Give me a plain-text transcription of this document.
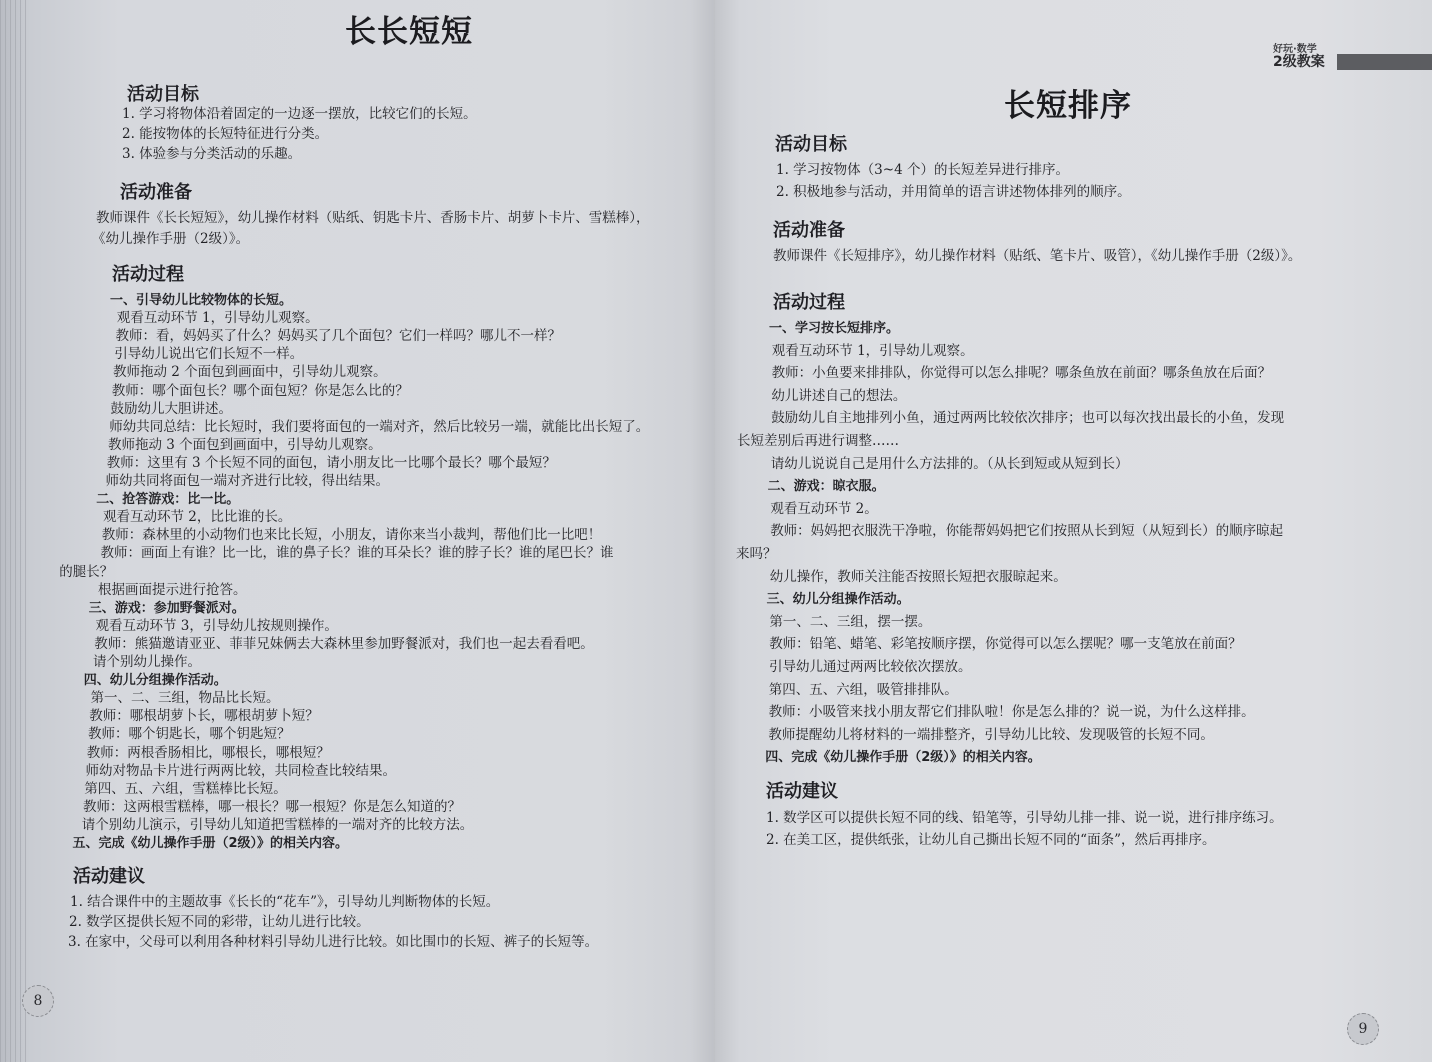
长长短短
活动目标
1. 学习将物体沿着固定的一边逐一摆放，比较它们的长短。
2. 能按物体的长短特征进行分类。
3. 体验参与分类活动的乐趣。
活动准备
教师课件《长长短短》，幼儿操作材料（贴纸、钥匙卡片、香肠卡片、胡萝卜卡片、雪糕棒），
《幼儿操作手册（2级）》。
活动过程
一、引导幼儿比较物体的长短。
观看互动环节 1，引导幼儿观察。
教师：看，妈妈买了什么？妈妈买了几个面包？它们一样吗？哪儿不一样？
引导幼儿说出它们长短不一样。
教师拖动 2 个面包到画面中，引导幼儿观察。
教师：哪个面包长？哪个面包短？你是怎么比的？
鼓励幼儿大胆讲述。
师幼共同总结：比长短时，我们要将面包的一端对齐，然后比较另一端，就能比出长短了。
教师拖动 3 个面包到画面中，引导幼儿观察。
教师：这里有 3 个长短不同的面包，请小朋友比一比哪个最长？哪个最短？
师幼共同将面包一端对齐进行比较，得出结果。
二、抢答游戏：比一比。
观看互动环节 2，比比谁的长。
教师：森林里的小动物们也来比长短，小朋友，请你来当小裁判，帮他们比一比吧！
教师：画面上有谁？比一比，谁的鼻子长？谁的耳朵长？谁的脖子长？谁的尾巴长？谁
的腿长？
根据画面提示进行抢答。
三、游戏：参加野餐派对。
观看互动环节 3，引导幼儿按规则操作。
教师：熊猫邀请亚亚、菲菲兄妹俩去大森林里参加野餐派对，我们也一起去看看吧。
请个别幼儿操作。
四、幼儿分组操作活动。
第一、二、三组，物品比长短。
教师：哪根胡萝卜长，哪根胡萝卜短？
教师：哪个钥匙长，哪个钥匙短？
教师：两根香肠相比，哪根长，哪根短？
师幼对物品卡片进行两两比较，共同检查比较结果。
第四、五、六组，雪糕棒比长短。
教师：这两根雪糕棒，哪一根长？哪一根短？你是怎么知道的？
请个别幼儿演示，引导幼儿知道把雪糕棒的一端对齐的比较方法。
五、完成《幼儿操作手册（2级）》的相关内容。
活动建议
1. 结合课件中的主题故事《长长的“花车”》，引导幼儿判断物体的长短。
2. 数学区提供长短不同的彩带，让幼儿进行比较。
3. 在家中，父母可以利用各种材料引导幼儿进行比较。如比围巾的长短、裤子的长短等。
8
好玩·数学
2级教案
长短排序
活动目标
1. 学习按物体（3~4 个）的长短差异进行排序。
2. 积极地参与活动，并用简单的语言讲述物体排列的顺序。
活动准备
教师课件《长短排序》，幼儿操作材料（贴纸、笔卡片、吸管），《幼儿操作手册（2级）》。
活动过程
一、学习按长短排序。
观看互动环节 1，引导幼儿观察。
教师：小鱼要来排排队，你觉得可以怎么排呢？哪条鱼放在前面？哪条鱼放在后面？
幼儿讲述自己的想法。
鼓励幼儿自主地排列小鱼，通过两两比较依次排序；也可以每次找出最长的小鱼，发现
长短差别后再进行调整……
请幼儿说说自己是用什么方法排的。（从长到短或从短到长）
二、游戏：晾衣服。
观看互动环节 2。
教师：妈妈把衣服洗干净啦，你能帮妈妈把它们按照从长到短（从短到长）的顺序晾起
来吗？
幼儿操作，教师关注能否按照长短把衣服晾起来。
三、幼儿分组操作活动。
第一、二、三组，摆一摆。
教师：铅笔、蜡笔、彩笔按顺序摆，你觉得可以怎么摆呢？哪一支笔放在前面？
引导幼儿通过两两比较依次摆放。
第四、五、六组，吸管排排队。
教师：小吸管来找小朋友帮它们排队啦！你是怎么排的？说一说，为什么这样排。
教师提醒幼儿将材料的一端排整齐，引导幼儿比较、发现吸管的长短不同。
四、完成《幼儿操作手册（2级）》的相关内容。
活动建议
1. 数学区可以提供长短不同的线、铅笔等，引导幼儿排一排、说一说，进行排序练习。
2. 在美工区，提供纸张，让幼儿自己撕出长短不同的“面条”，然后再排序。
9
